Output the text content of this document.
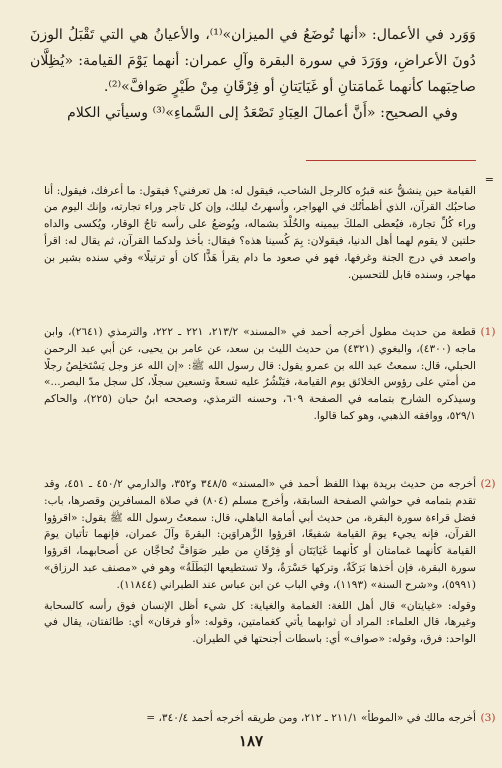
وَوَرد في الأعمال: «أنها تُوضَعُ في الميزان»⁽¹⁾، والأعيانُ هي التي تَقْبَلُ الوزنَ دُونَ الأعراضِ، ووَرَدَ في سورة البقرة وآلِ عمران: أنهما يَوْمَ القيامة: «يُظِلَّان صاحِبَهما كأنهما غَمامَتانِ أو غَيَايَتانِ أو فِرْقَانِ مِنْ طَيْرٍ صَوافَّ»⁽²⁾.

وفي الصحيح: «أَنَّ أعمالَ العِبَادِ تَصْعَدُ إلى السَّماءِ»⁽³⁾ وسيأتي الكلام

=

القيامة حين ينشقُّ عنه قبرُه كالرجل الشاحب، فيقول له: هل تعرفني؟ فيقول: ما أعرفك، فيقول: أنا صاحبُك القرآن، الذي أظمأتُك في الهواجر، وأسهرتُ ليلك، وإن كل تاجر وراء تجارته، وإنك اليوم من وراء كُلِّ تجارة، فيُعطى الملكَ بيمينه والخُلْدَ بشماله، ويُوضعُ على رأسه تاجُ الوقار، ويُكسى والداه حلتين لا يقوم لهما أهل الدنيا، فيقولان: بِمَ كُسينا هذه؟ فيقال: بأخذ ولدكما القرآن، ثم يقال له: اقرأ واصعد في درج الجنة وغرفها، فهو في صعود ما دام يقرأ هَذًّا كان أو ترتيلًا» وفي سنده بشير بن مهاجر، وسنده قابل للتحسين.

(1)

قطعة من حديث مطول أخرجه أحمد في «المسند» ٢١٣/٢، ٢٢١ ـ ٢٢٢، والترمذي (٢٦٤١)، وابن ماجه (٤٣٠٠)، والبغوي (٤٣٢١) من حديث الليث بن سعد، عن عامر بن يحيى، عن أبي عبد الرحمن الحبلي، قال: سمعتُ عبد الله بن عمرو يقول: قال رسول الله ﷺ: «إن الله عز وجل يَسْتَخلِصُ رجلًا من أمتي على رؤوس الخلائق يوم القيامة، فيَنْشُرُ عليه تسعةً وتسعين سجلًا، كل سجل مدّ البصر...» وسيذكره الشارح بتمامه في الصفحة ٦٠٩، وحسنه الترمذي، وصححه ابنُ حبان (٢٢٥)، والحاكم ٥٢٩/١، ووافقه الذهبي، وهو كما قالوا.

(2)

أخرجه من حديث بريدة بهذا اللفظ أحمد في «المسند» ٣٤٨/٥ و٣٥٢، والدارمي ٤٥٠/٢ ـ ٤٥١، وقد تقدم بتمامه في حواشي الصفحة السابقة، وأخرج مسلم (٨٠٤) في صلاة المسافرين وقصرها، باب: فضل قراءة سورة البقرة، من حديث أبي أمامة الباهلي، قال: سمعتُ رسول الله ﷺ يقول: «اقرؤوا القرآن، فإنه يجيء يومَ القيامة شفيعًا، اقرؤوا الزَّهراوَين: البقرةَ وآلَ عمران، فإنهما تأتيان يومَ القيامة كأنهما غمامتان أو كأنهما غَيَايَتَان أو فِرْقَانِ من طير صَوَافَّ تُحاجَّان عن أصحابهما، اقرؤوا سورة البقرة، فإن أخذها بَرَكَةٌ، وتركها حَسْرَةٌ، ولا تستطيعها البَطَلَةُ» وهو في «مصنف عبد الرزاق» (٥٩٩١)، و«شرح السنة» (١١٩٣)، وفي الباب عن ابن عباس عند الطبراني (١١٨٤٤).

وقوله: «غيايتان» قال أهل اللغة: الغمامة والغياية: كل شيء أظل الإنسان فوق رأسه كالسحابة وغيرها، قال العلماء: المراد أن ثوابهما يأتي كغمامتين، وقوله: «أو فرقان» أي: طائفتان، يقال في الواحد: فرق، وقوله: «صواف» أي: باسطات أجنحتها في الطيران.

(3)

أخرجه مالك في «الموطأ» ٢١١/١ ـ ٢١٢، ومن طريقه أخرجه أحمد ٣٤٠/٤، =

١٨٧
